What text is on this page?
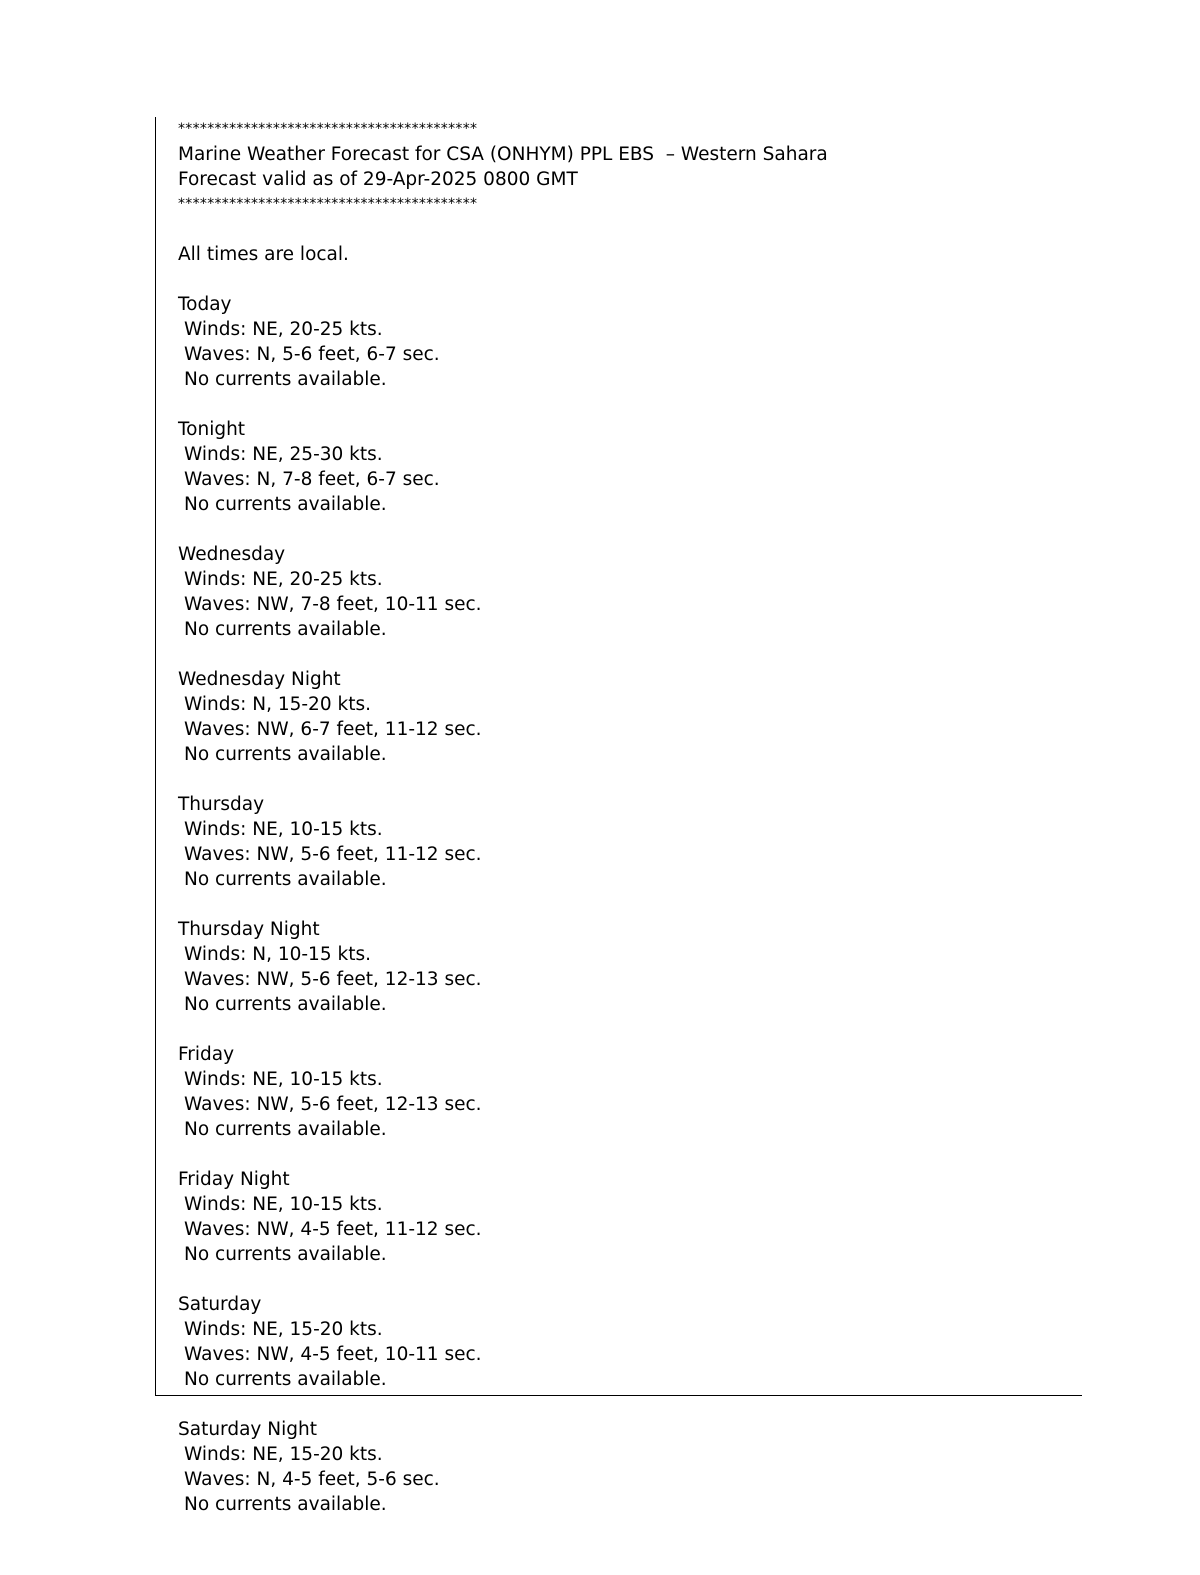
*****************************************
Marine Weather Forecast for CSA (ONHYM) PPL EBS  – Western Sahara
Forecast valid as of 29-Apr-2025 0800 GMT
*****************************************
All times are local.
Today
Winds: NE, 20-25 kts.
Waves: N, 5-6 feet, 6-7 sec.
No currents available.
Tonight
Winds: NE, 25-30 kts.
Waves: N, 7-8 feet, 6-7 sec.
No currents available.
Wednesday
Winds: NE, 20-25 kts.
Waves: NW, 7-8 feet, 10-11 sec.
No currents available.
Wednesday Night
Winds: N, 15-20 kts.
Waves: NW, 6-7 feet, 11-12 sec.
No currents available.
Thursday
Winds: NE, 10-15 kts.
Waves: NW, 5-6 feet, 11-12 sec.
No currents available.
Thursday Night
Winds: N, 10-15 kts.
Waves: NW, 5-6 feet, 12-13 sec.
No currents available.
Friday
Winds: NE, 10-15 kts.
Waves: NW, 5-6 feet, 12-13 sec.
No currents available.
Friday Night
Winds: NE, 10-15 kts.
Waves: NW, 4-5 feet, 11-12 sec.
No currents available.
Saturday
Winds: NE, 15-20 kts.
Waves: NW, 4-5 feet, 10-11 sec.
No currents available.
Saturday Night
Winds: NE, 15-20 kts.
Waves: N, 4-5 feet, 5-6 sec.
No currents available.
